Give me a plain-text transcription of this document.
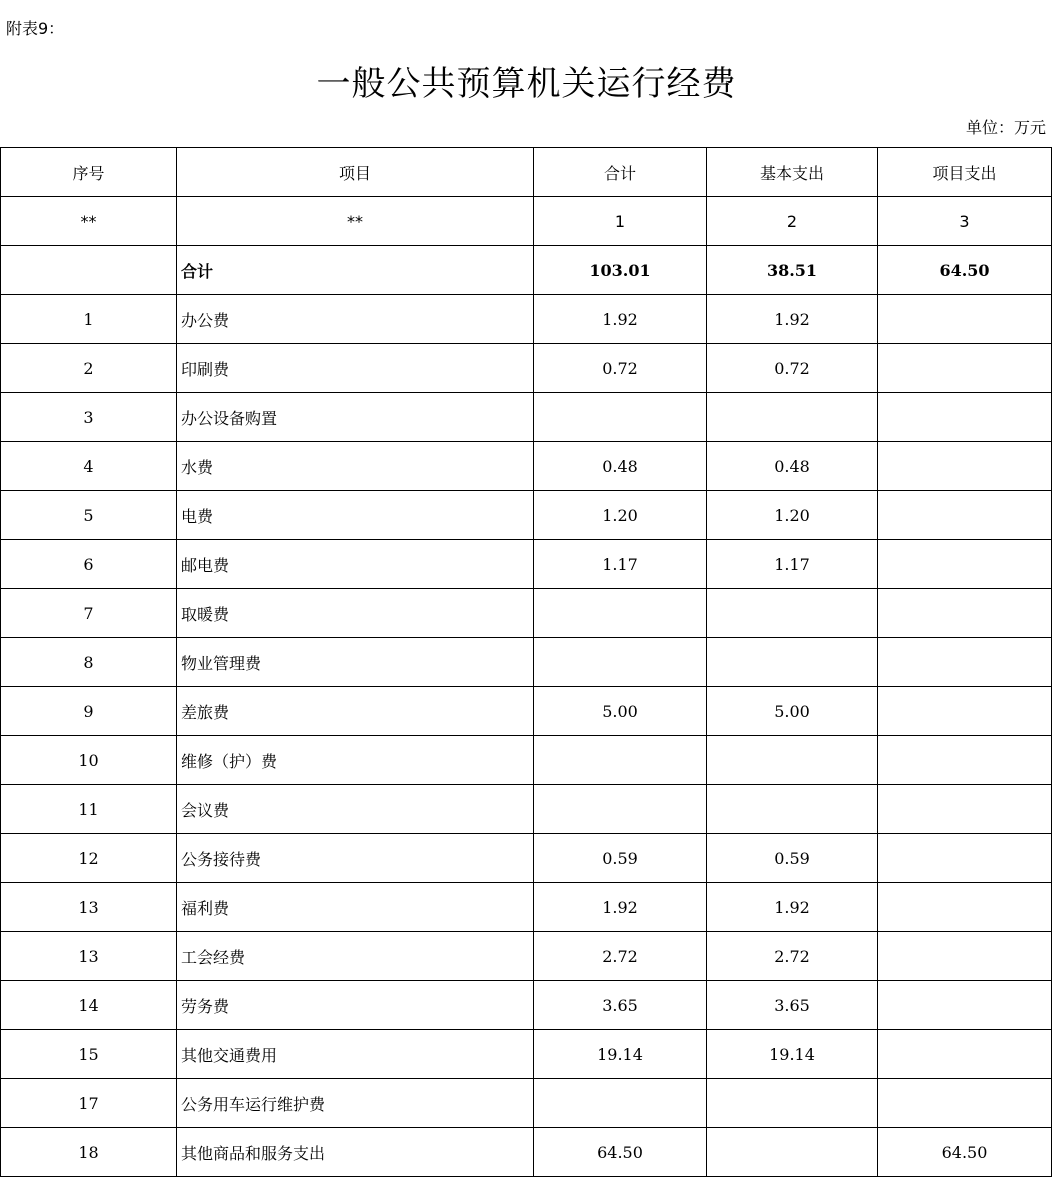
附表9：
一般公共预算机关运行经费
单位：万元
序号	项目	合计	基本支出	项目支出
**	**	1	2	3
	合计	103.01	38.51	64.50
1	办公费	1.92	1.92	
2	印刷费	0.72	0.72	
3	办公设备购置			
4	水费	0.48	0.48	
5	电费	1.20	1.20	
6	邮电费	1.17	1.17	
7	取暖费			
8	物业管理费			
9	差旅费	5.00	5.00	
10	维修（护）费			
11	会议费			
12	公务接待费	0.59	0.59	
13	福利费	1.92	1.92	
13	工会经费	2.72	2.72	
14	劳务费	3.65	3.65	
15	其他交通费用	19.14	19.14	
17	公务用车运行维护费			
18	其他商品和服务支出	64.50		64.50
